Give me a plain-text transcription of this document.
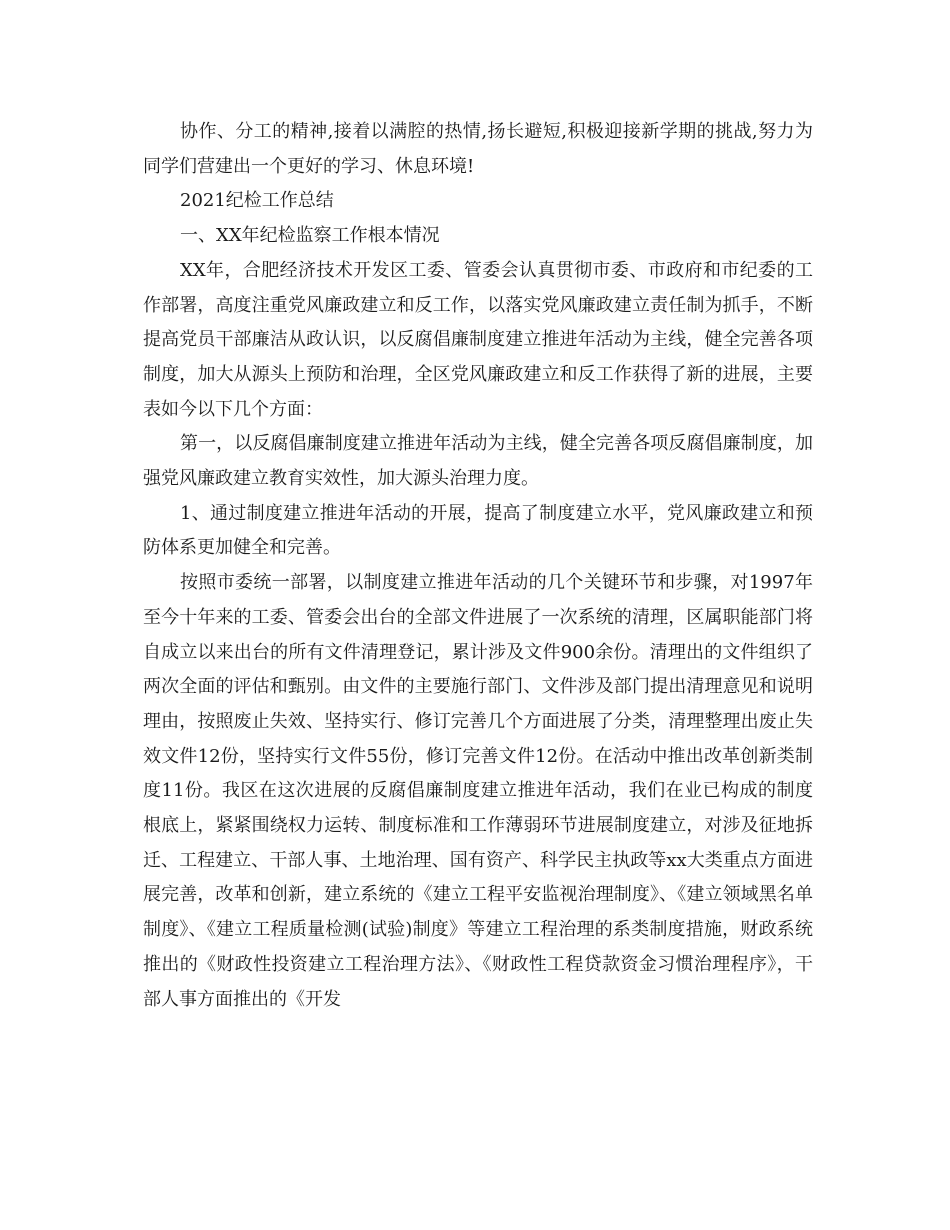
协作、分工的精神,接着以满腔的热情,扬长避短,积极迎接新学期的挑战,努力为同学们营建出一个更好的学习、休息环境!

2021纪检工作总结

一、XX年纪检监察工作根本情况

XX年，合肥经济技术开发区工委、管委会认真贯彻市委、市政府和市纪委的工作部署，高度注重党风廉政建立和反工作，以落实党风廉政建立责任制为抓手，不断提高党员干部廉洁从政认识，以反腐倡廉制度建立推进年活动为主线，健全完善各项制度，加大从源头上预防和治理，全区党风廉政建立和反工作获得了新的进展，主要表如今以下几个方面：

第一，以反腐倡廉制度建立推进年活动为主线，健全完善各项反腐倡廉制度，加强党风廉政建立教育实效性，加大源头治理力度。

1、通过制度建立推进年活动的开展，提高了制度建立水平，党风廉政建立和预防体系更加健全和完善。

按照市委统一部署，以制度建立推进年活动的几个关键环节和步骤，对1997年至今十年来的工委、管委会出台的全部文件进展了一次系统的清理，区属职能部门将自成立以来出台的所有文件清理登记，累计涉及文件900余份。清理出的文件组织了两次全面的评估和甄别。由文件的主要施行部门、文件涉及部门提出清理意见和说明理由，按照废止失效、坚持实行、修订完善几个方面进展了分类，清理整理出废止失效文件12份，坚持实行文件55份，修订完善文件12份。在活动中推出改革创新类制度11份。我区在这次进展的反腐倡廉制度建立推进年活动，我们在业已构成的制度根底上，紧紧围绕权力运转、制度标准和工作薄弱环节进展制度建立，对涉及征地拆迁、工程建立、干部人事、土地治理、国有资产、科学民主执政等xx大类重点方面进展完善，改革和创新，建立系统的《建立工程平安监视治理制度》、《建立领域黑名单制度》、《建立工程质量检测(试验)制度》等建立工程治理的系类制度措施，财政系统推出的《财政性投资建立工程治理方法》、《财政性工程贷款资金习惯治理程序》，干部人事方面推出的《开发
